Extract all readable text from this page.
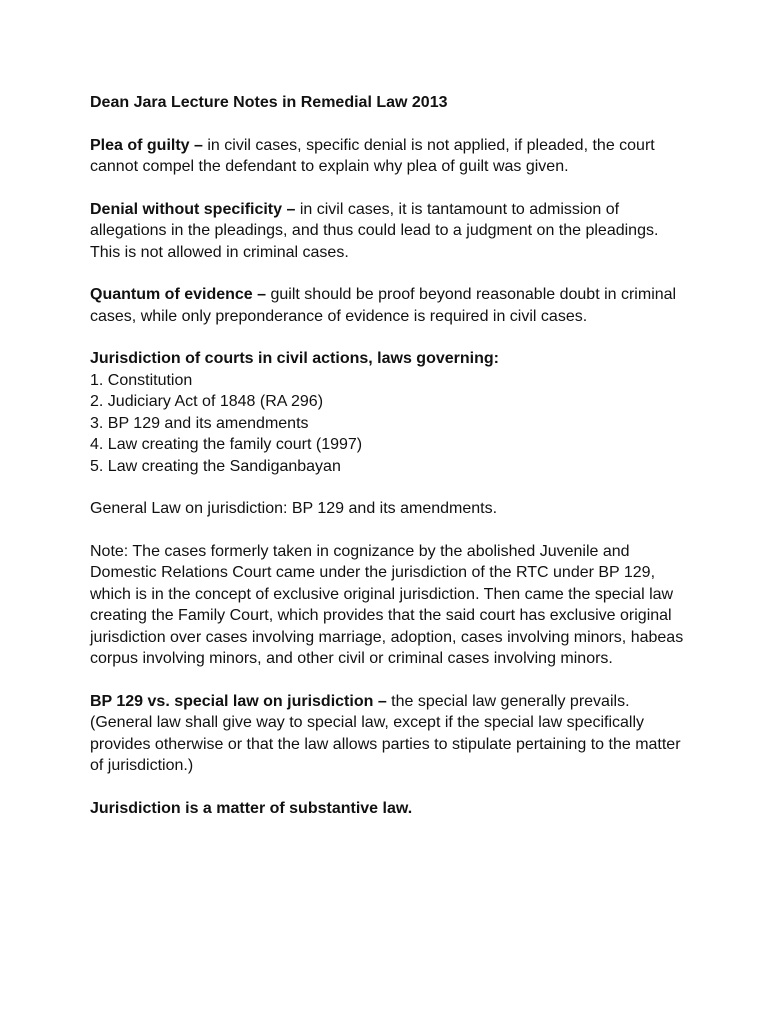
Dean Jara Lecture Notes in Remedial Law 2013

Plea of guilty – in civil cases, specific denial is not applied, if pleaded, the court cannot compel the defendant to explain why plea of guilt was given.

Denial without specificity – in civil cases, it is tantamount to admission of allegations in the pleadings, and thus could lead to a judgment on the pleadings. This is not allowed in criminal cases.

Quantum of evidence – guilt should be proof beyond reasonable doubt in criminal cases, while only preponderance of evidence is required in civil cases.

Jurisdiction of courts in civil actions, laws governing:

1. Constitution
2. Judiciary Act of 1848 (RA 296)
3. BP 129 and its amendments
4. Law creating the family court (1997)
5. Law creating the Sandiganbayan

General Law on jurisdiction: BP 129 and its amendments.

Note: The cases formerly taken in cognizance by the abolished Juvenile and Domestic Relations Court came under the jurisdiction of the RTC under BP 129, which is in the concept of exclusive original jurisdiction. Then came the special law creating the Family Court, which provides that the said court has exclusive original jurisdiction over cases involving marriage, adoption, cases involving minors, habeas corpus involving minors, and other civil or criminal cases involving minors.

BP 129 vs. special law on jurisdiction – the special law generally prevails. (General law shall give way to special law, except if the special law specifically provides otherwise or that the law allows parties to stipulate pertaining to the matter of jurisdiction.)

Jurisdiction is a matter of substantive law.
